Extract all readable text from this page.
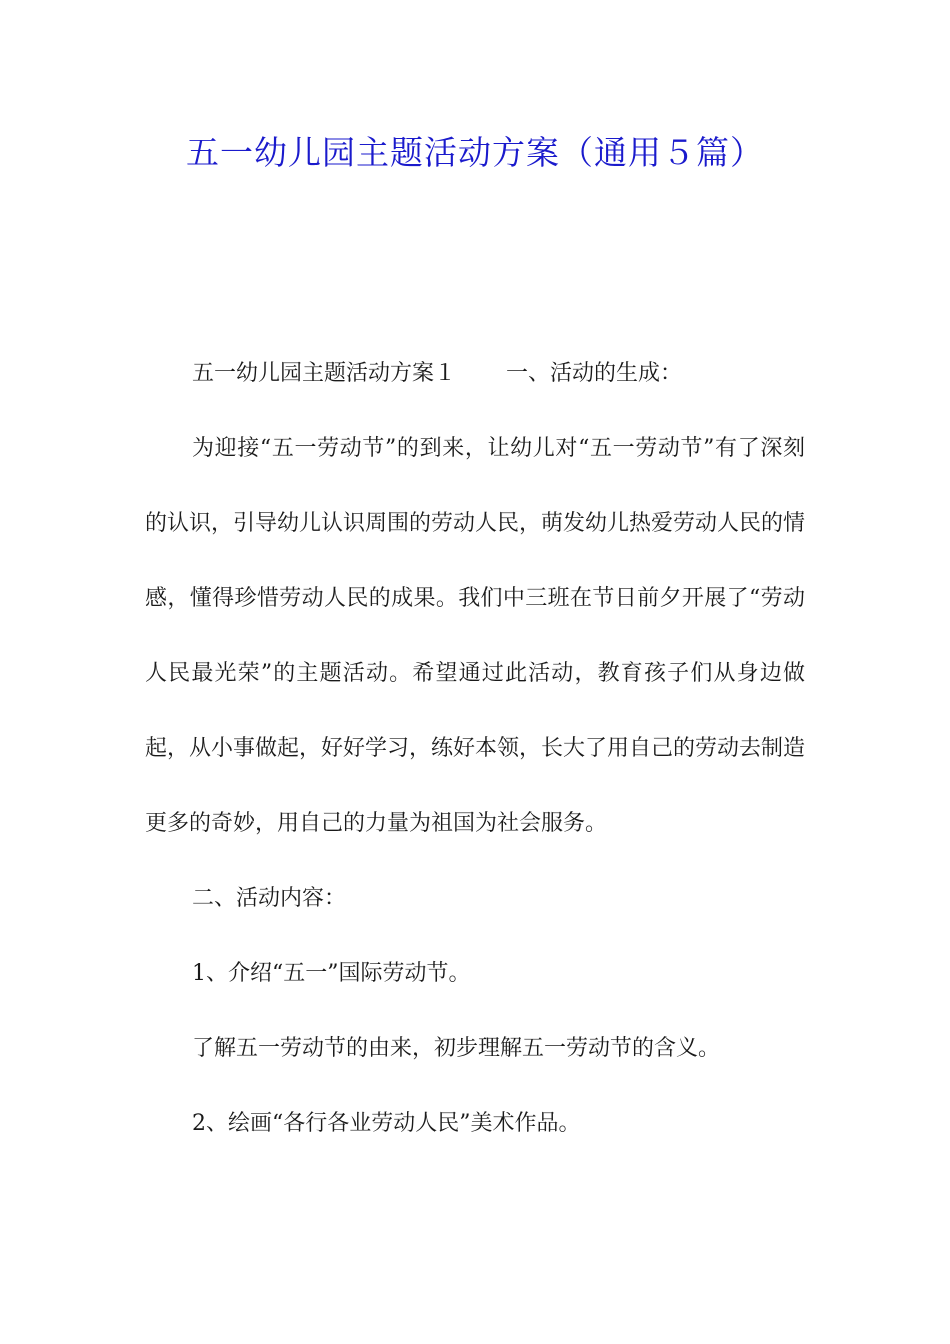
五一幼儿园主题活动方案（通用５篇）

五一幼儿园主题活动方案１ 一、活动的生成：

为迎接“五一劳动节”的到来，让幼儿对“五一劳动节”有了深刻的认识，引导幼儿认识周围的劳动人民，萌发幼儿热爱劳动人民的情感，懂得珍惜劳动人民的成果。我们中三班在节日前夕开展了“劳动人民最光荣”的主题活动。希望通过此活动，教育孩子们从身边做起，从小事做起，好好学习，练好本领，长大了用自己的劳动去制造更多的奇妙，用自己的力量为祖国为社会服务。

二、活动内容：

1、介绍“五一”国际劳动节。

了解五一劳动节的由来，初步理解五一劳动节的含义。

2、绘画“各行各业劳动人民”美术作品。
